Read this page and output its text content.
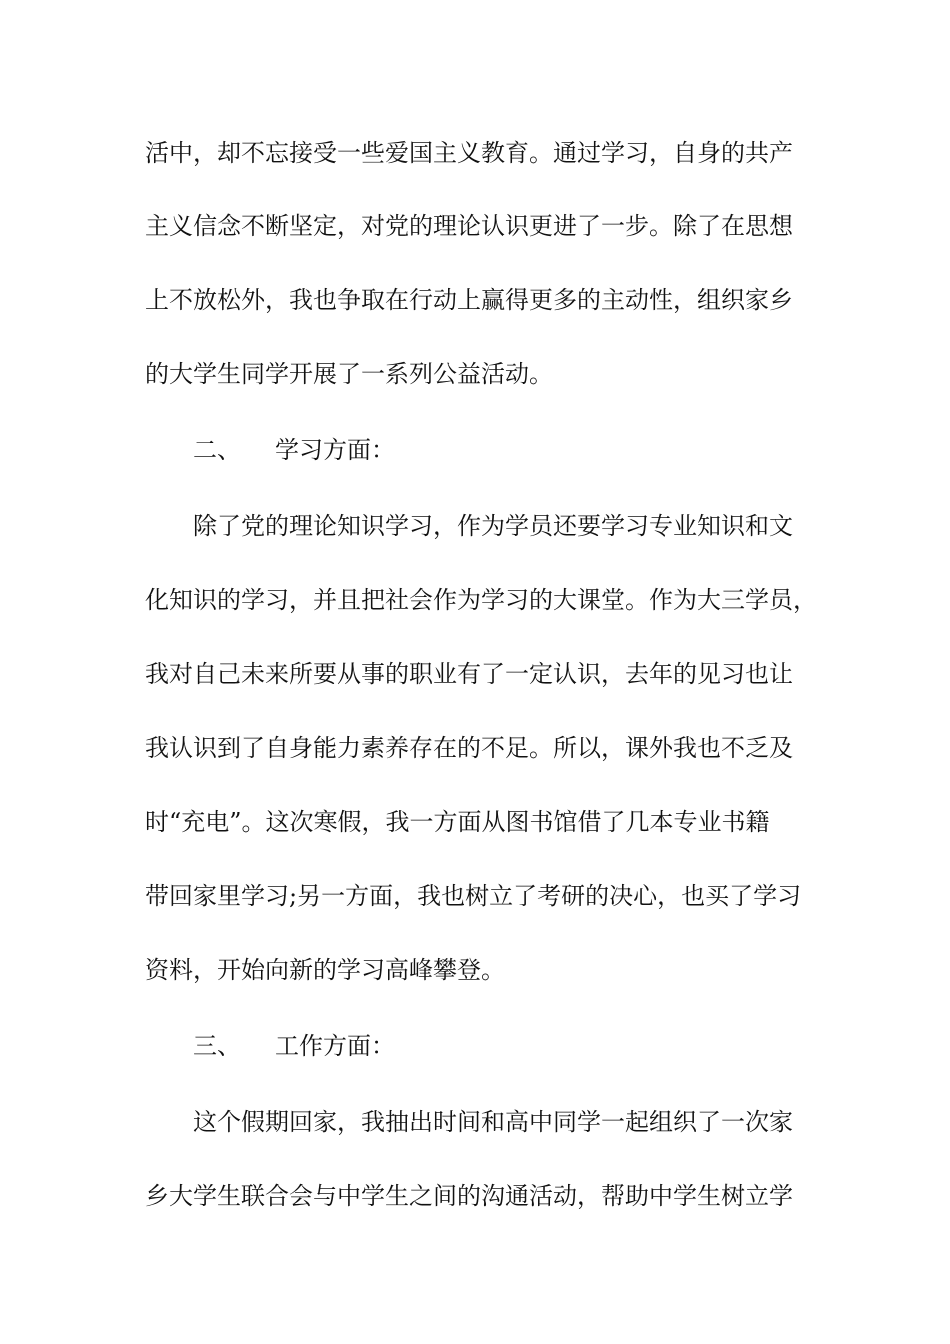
活中，却不忘接受一些爱国主义教育。通过学习，自身的共产
主义信念不断坚定，对党的理论认识更进了一步。除了在思想
上不放松外，我也争取在行动上赢得更多的主动性，组织家乡
的大学生同学开展了一系列公益活动。
二、 学习方面：
除了党的理论知识学习，作为学员还要学习专业知识和文
化知识的学习，并且把社会作为学习的大课堂。作为大三学员，
我对自己未来所要从事的职业有了一定认识，去年的见习也让
我认识到了自身能力素养存在的不足。所以，课外我也不乏及
时“充电”。这次寒假，我一方面从图书馆借了几本专业书籍
带回家里学习;另一方面，我也树立了考研的决心，也买了学习
资料，开始向新的学习高峰攀登。
三、 工作方面：
这个假期回家，我抽出时间和高中同学一起组织了一次家
乡大学生联合会与中学生之间的沟通活动，帮助中学生树立学
